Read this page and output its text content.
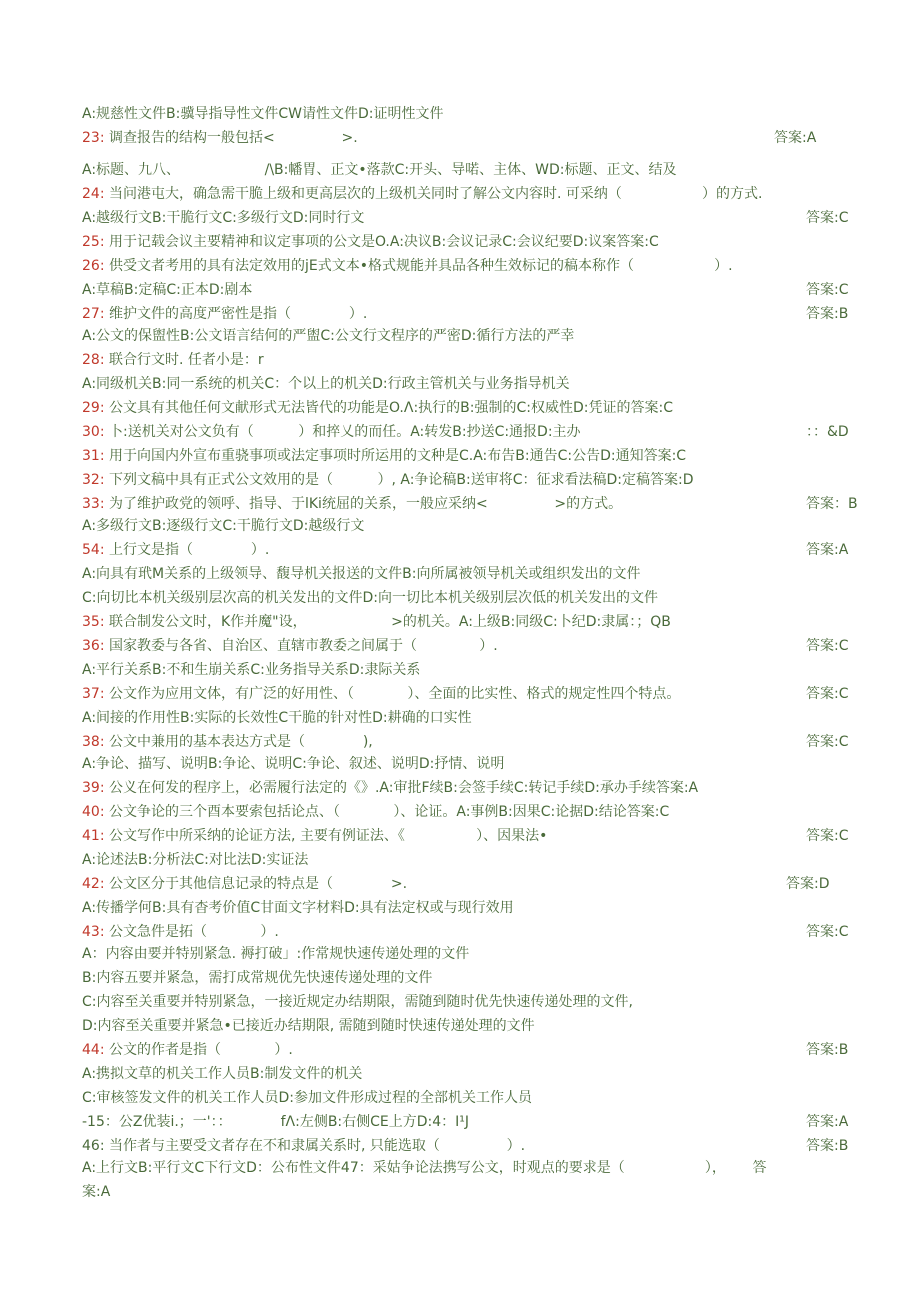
A:规慈性文件B:骥导指导性文件CW请性文件D:证明性文件
23: 调查报告的结构一般包括<               >.	答案:A
A:标题、九八、                   /\B:幡胃、正文•落款C:开头、导喏、主体、WD:标题、正文、结及
24: 当问港屯大，确急需干脆上级和更高层次的上级机关同时了解公文内容时. 可采纳（                  ）的方式.
A:越级行文B:干脆行文C:多级行文D:同时行文	答案:C
25: 用于记载会议主要精神和议定事项的公文是O.A:决议B:会议记录C:会议纪要D:议案答案:C
26: 供受文者考用的具有法定效用的jE式文本•格式规能并具品各种生效标记的稿本称作（                  ）.
A:草稿B:定稿C:正本D:剧本	答案:C
27: 维护文件的高度严密性是指（             ）.	答案:B
A:公文的保盥性B:公文语言结何的严盥C:公文行文程序的严密D:循行方法的严幸
28: 联合行文时. 任者小是：r
A:同级机关B:同一系统的机关C：个以上的机关D:行政主管机关与业务指导机关
29: 公文具有其他任何文献形式无法皆代的功能是O.Λ:执行的B:强制的C:权威性D:凭证的答案:C
30: 卜:送机关对公文负有（          ）和捽乂的而任。A:转发B:抄送C:通报D:主办	：：&D
31: 用于向国内外宣布重骁事项或法定事项时所运用的文种是C.A:布告B:通告C:公告D:通知答案:C
32: 下列文稿中具有正式公文效用的是（          ）, A:争论稿B:送审将C：征求看法稿D:定稿答案:D
33: 为了维护政党的领呼、指导、于lKi统屈的关系，一般应采纳<               >的方式。	答案：B
A:多级行文B:逐级行文C:干脆行文D:越级行文
54: 上行文是指（             ）.	答案:A
A:向具有玳M关系的上级领导、馥导机关报送的文件B:向所属被领导机关或组织发出的文件
C:向切比本机关级别层次高的机关发出的文件D:向一切比本机关级别层次低的机关发出的文件
35: 联合制发公文时，K作并魔"设，                   >的机关。A:上级B:同级C:卜纪D:隶属：；QB
36: 国家教委与各省、自治区、直辖市教委之间属于（              ）.	答案:C
A:平行关系B:不和生崩关系C:业务指导关系D:隶际关系
37: 公文作为应用文体，有广泛的好用性、（            ）、全面的比实性、格式的规定性四个特点。	答案:C
A:间接的作用性B:实际的长效性C干脆的针对性D:耕确的口实性
38: 公文中兼用的基本表达方式是（             ),	答案:C
A:争论、描写、说明B:争论、说明C:争论、叙述、说明D:抒情、说明
39: 公义在何发的程序上，必需履行法定的《》.A:审批F续B:会签手续C:转记手续D:承办手续答案:A
40: 公文争论的三个酉本要索包括论点、（            ）、论证。A:事例B:因果C:论据D:结论答案:C
41: 公文写作中所采纳的论证方法, 主要有例证法、《                ）、因果法•	答案:C
A:论述法B:分析法C:对比法D:实证法
42: 公文区分于其他信息记录的特点是（             >.	答案:D
A:传播学何B:具有杳考价值C甘面文字材料D:具有法定权或与现行效用
43: 公文急件是拓（            ）.	答案:C
A：内容由要并特别紧急. 褥打破」:作常规快速传递处理的文件
B:内容五要并紧急，需打成常规优先快速传递处理的文件
C:内容至关重要并特别紧急，一接近规定办结期限，需随到随时优先快速传递处理的文件,
D:内容至关重要并紧急•已接近办结期限, 需随到随时快速传递处理的文件
44: 公文的作者是指（            ）.	答案:B
A:携拟文草的机关工作人员B:制发文件的机关
C:审核签发文件的机关工作人员D:参加文件形成过程的全部机关工作人员
-15：公Z优装i.；一'：：           fΛ:左侧B:右侧CE上方D:4：I¹J	答案:A
46: 当作者与主要受文者存在不和隶属关系时, 只能选取（               ）.	答案:B
A:上行文B:平行文C下行文D：公布性文件47：采姑争论法携写公文，时观点的要求是（                  ），      答
案:A
